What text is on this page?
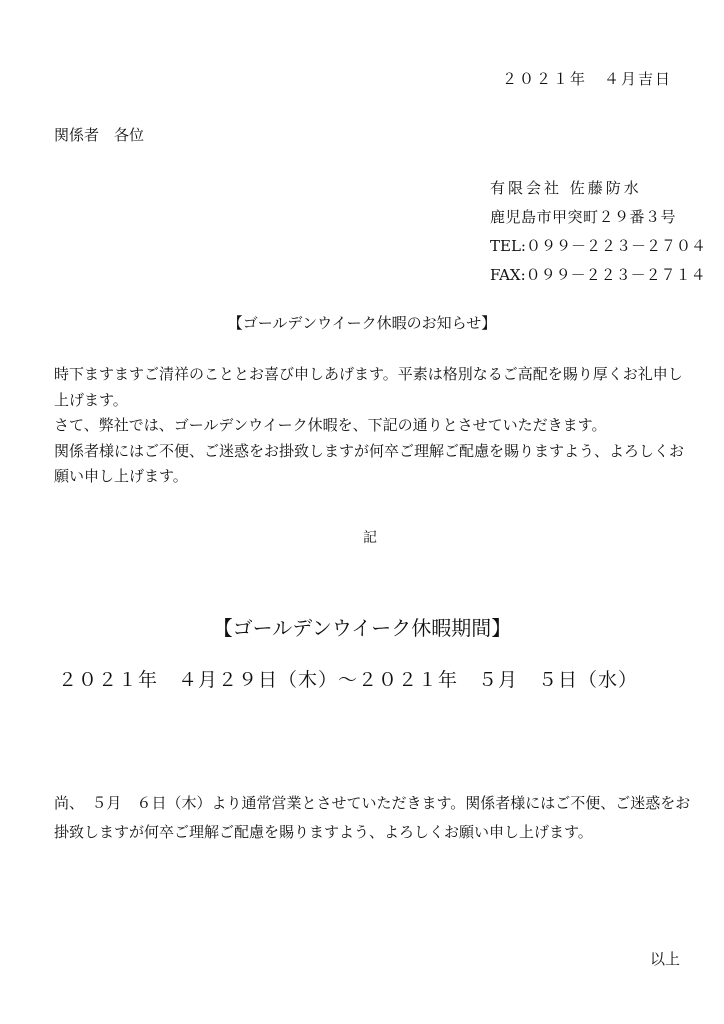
２０２１年　４月吉日
関係者　各位
有限会社 佐藤防水
鹿児島市甲突町２９番３号
TEL:０９９－２２３－２７０４
FAX:０９９－２２３－２７１４
【ゴールデンウイーク休暇のお知らせ】

時下ますますご清祥のこととお喜び申しあげます。平素は格別なるご高配を賜り厚くお礼申し上げます。

さて、弊社では、ゴールデンウイーク休暇を、下記の通りとさせていただきます。

関係者様にはご不便、ご迷惑をお掛致しますが何卒ご理解ご配慮を賜りますよう、よろしくお願い申し上げます。

記
【ゴールデンウイーク休暇期間】
２０２１年　４月２９日（木）～２０２１年　５月　５日（水）

尚、　５月　６日（木）より通常営業とさせていただきます。関係者様にはご不便、ご迷惑をお掛致しますが何卒ご理解ご配慮を賜りますよう、よろしくお願い申し上げます。

以上
